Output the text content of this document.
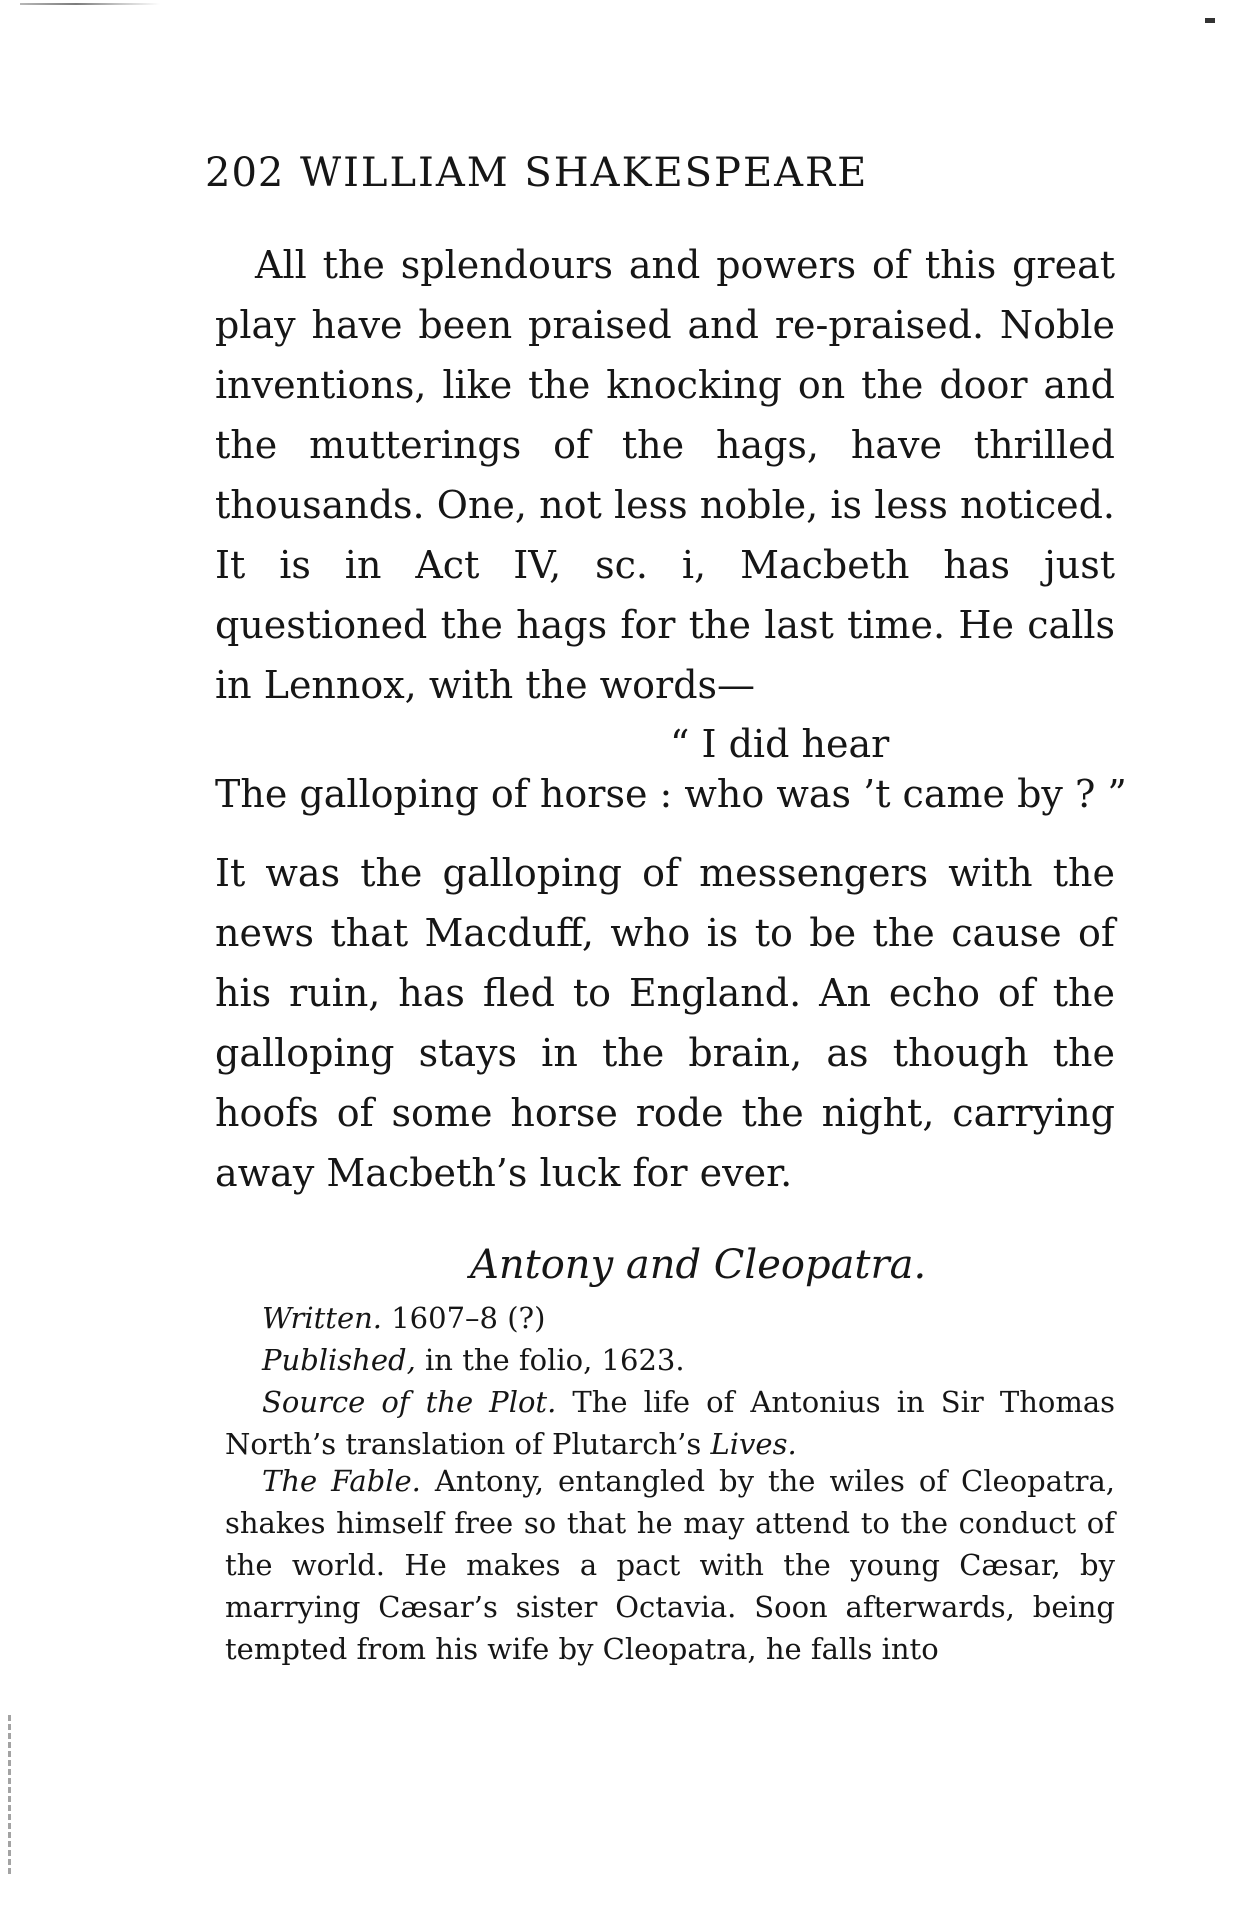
202 WILLIAM SHAKESPEARE
All the splendours and powers of this great play have been praised and re-praised. Noble inventions, like the knocking on the door and the mutterings of the hags, have thrilled thousands. One, not less noble, is less noticed. It is in Act IV, sc. i, Macbeth has just questioned the hags for the last time. He calls in Lennox, with the words—
“ I did hear
The galloping of horse : who was ’t came by ? ”
It was the galloping of messengers with the news that Macduff, who is to be the cause of his ruin, has fled to England. An echo of the galloping stays in the brain, as though the hoofs of some horse rode the night, carrying away Macbeth’s luck for ever.
Antony and Cleopatra.
Written. 1607–8 (?)
Published, in the folio, 1623.
Source of the Plot. The life of Antonius in Sir Thomas North’s translation of Plutarch’s Lives.
The Fable. Antony, entangled by the wiles of Cleopatra, shakes himself free so that he may attend to the conduct of the world. He makes a pact with the young Cæsar, by marrying Cæsar’s sister Octavia. Soon afterwards, being tempted from his wife by Cleopatra, he falls into
